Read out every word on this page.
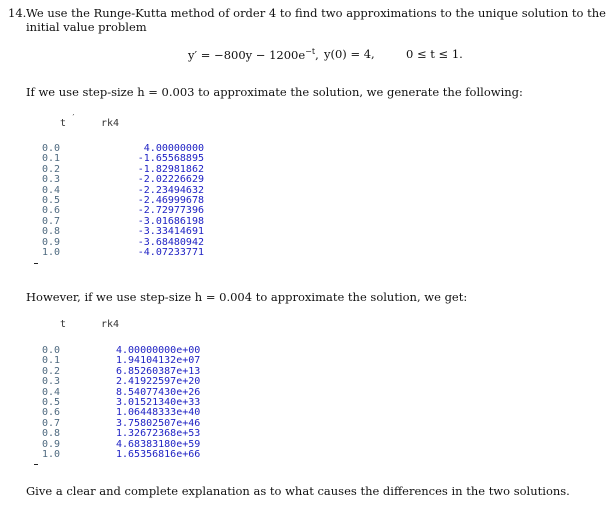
14. We use the Runge-Kutta method of order 4 to find two approximations to the unique solution to the
initial value problem
$y' = -800y - 1200e^{-t}$, y(0) = 4,	0 ≤ t ≤ 1.
If we use step-size h = 0.003 to approximate the solution, we generate the following:
t
′
rk4
0.0
0.1
0.2
0.3
0.4
0.5
0.6
0.7
0.8
0.9
1.0
4.00000000
-1.65568895
-1.82981862
-2.02226629
-2.23494632
-2.46999678
-2.72977396
-3.01686198
-3.33414691
-3.68480942
-4.07233771
However, if we use step-size h = 0.004 to approximate the solution, we get:
t	rk4
0.0
0.1
0.2
0.3
0.4
0.5
0.6
0.7
0.8
0.9
1.0
4.00000000e+00
1.94104132e+07
6.85260387e+13
2.41922597e+20
8.54077430e+26
3.01521340e+33
1.06448333e+40
3.75802507e+46
1.32672368e+53
4.68383180e+59
1.65356816e+66
Give a clear and complete explanation as to what causes the differences in the two solutions.
